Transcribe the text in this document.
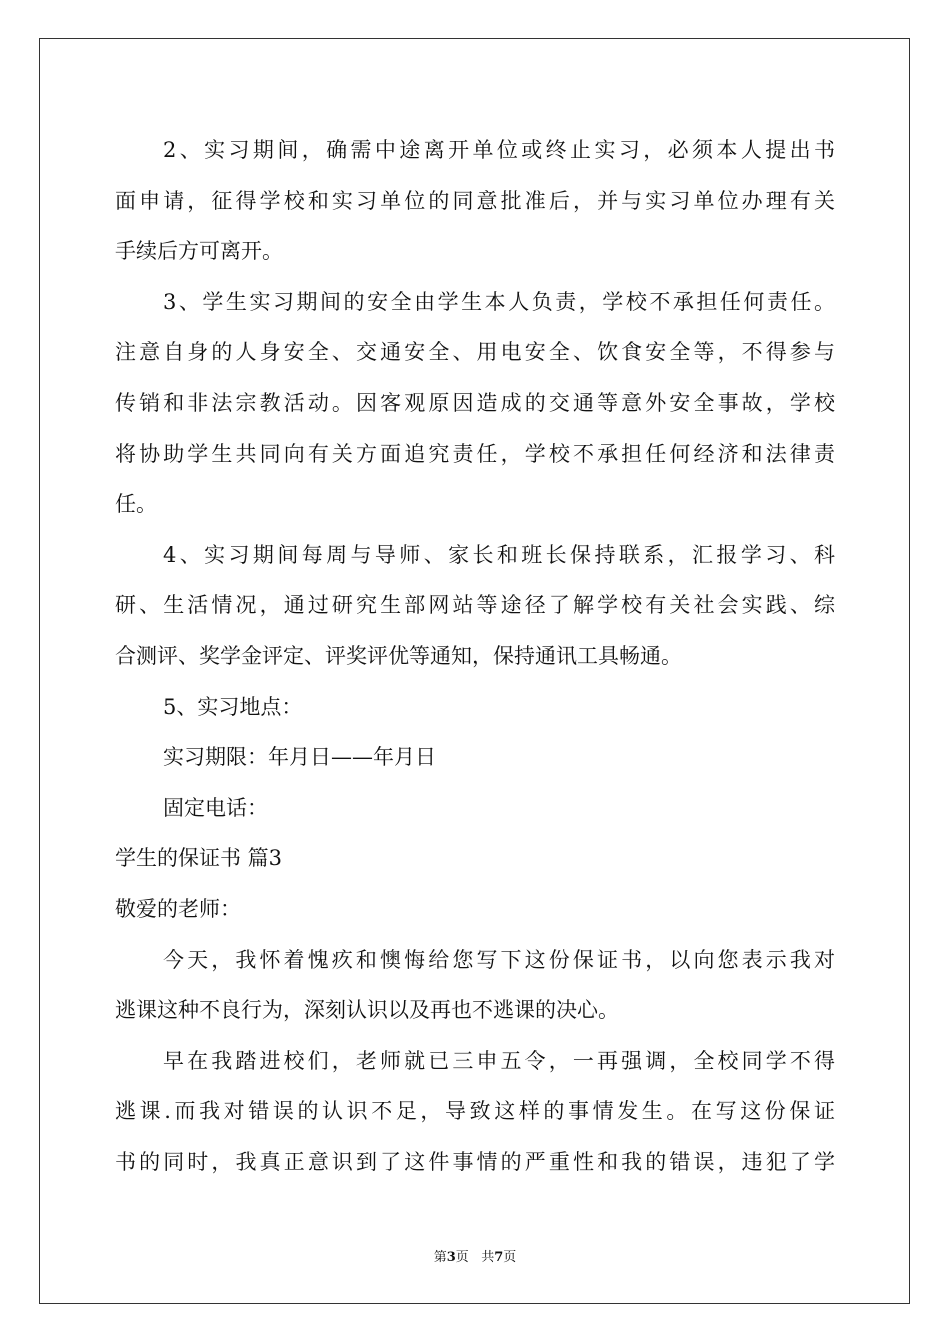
2、实习期间，确需中途离开单位或终止实习，必须本人提出书
面申请，征得学校和实习单位的同意批准后，并与实习单位办理有关
手续后方可离开。
3、学生实习期间的安全由学生本人负责，学校不承担任何责任。
注意自身的人身安全、交通安全、用电安全、饮食安全等，不得参与
传销和非法宗教活动。因客观原因造成的交通等意外安全事故，学校
将协助学生共同向有关方面追究责任，学校不承担任何经济和法律责
任。
4、实习期间每周与导师、家长和班长保持联系，汇报学习、科
研、生活情况，通过研究生部网站等途径了解学校有关社会实践、综
合测评、奖学金评定、评奖评优等通知，保持通讯工具畅通。
5、实习地点：
实习期限：年月日——年月日
固定电话：
学生的保证书 篇3
敬爱的老师：
今天，我怀着愧疚和懊悔给您写下这份保证书，以向您表示我对
逃课这种不良行为，深刻认识以及再也不逃课的决心。
早在我踏进校们，老师就已三申五令，一再强调，全校同学不得
逃课.而我对错误的认识不足，导致这样的事情发生。在写这份保证
书的同时，我真正意识到了这件事情的严重性和我的错误，违犯了学
第3页 共7页
